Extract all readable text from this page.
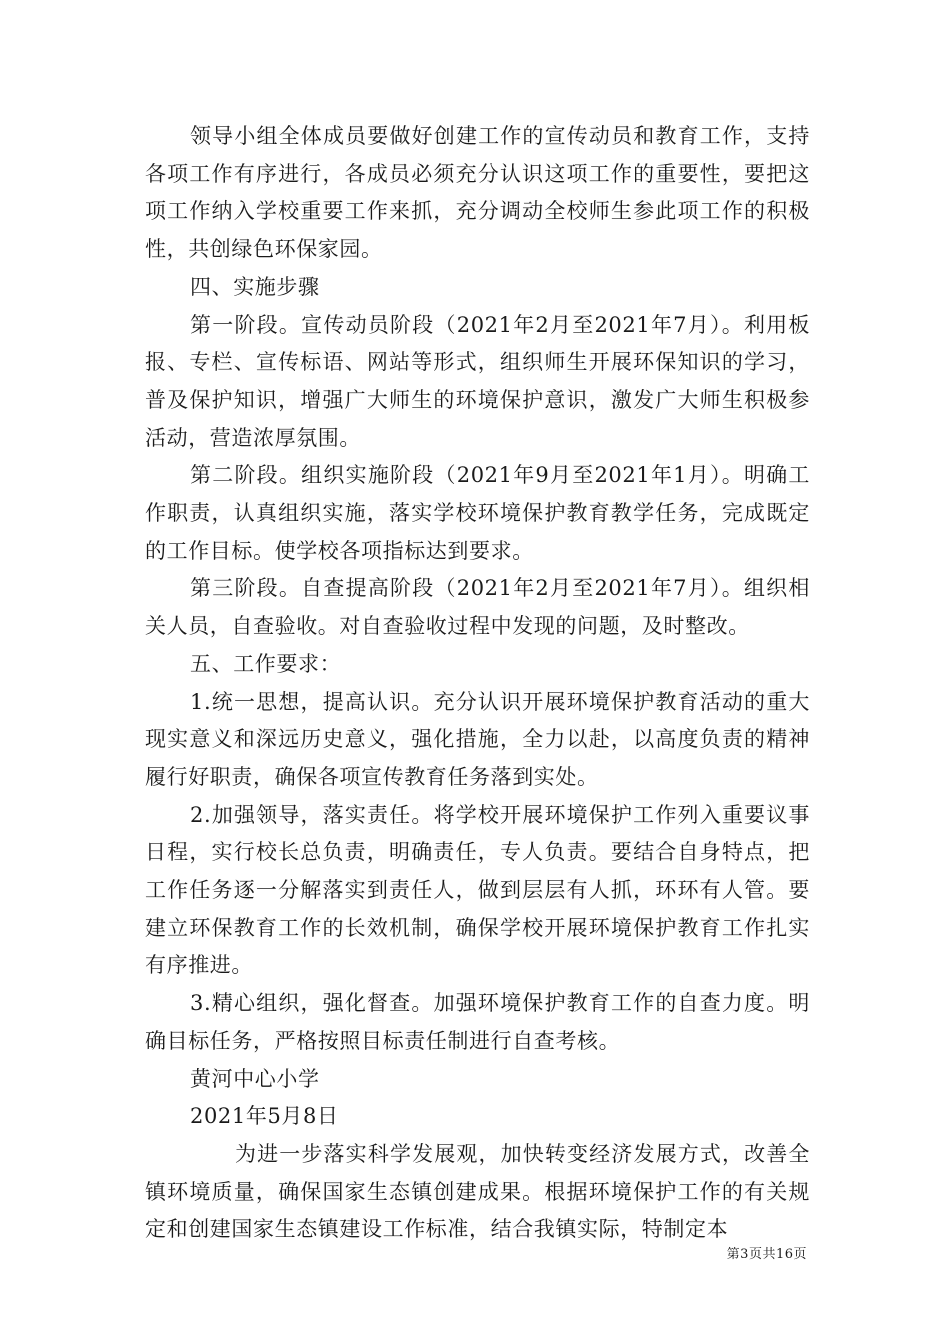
领导小组全体成员要做好创建工作的宣传动员和教育工作，支持各项工作有序进行，各成员必须充分认识这项工作的重要性，要把这项工作纳入学校重要工作来抓，充分调动全校师生参此项工作的积极性，共创绿色环保家园。

四、实施步骤

第一阶段。宣传动员阶段（2021年2月至2021年7月）。利用板报、专栏、宣传标语、网站等形式，组织师生开展环保知识的学习，普及保护知识，增强广大师生的环境保护意识，激发广大师生积极参活动，营造浓厚氛围。

第二阶段。组织实施阶段（2021年9月至2021年1月）。明确工作职责，认真组织实施，落实学校环境保护教育教学任务，完成既定的工作目标。使学校各项指标达到要求。

第三阶段。自查提高阶段（2021年2月至2021年7月）。组织相关人员，自查验收。对自查验收过程中发现的问题，及时整改。

五、工作要求：

1.统一思想，提高认识。充分认识开展环境保护教育活动的重大现实意义和深远历史意义，强化措施，全力以赴，以高度负责的精神履行好职责，确保各项宣传教育任务落到实处。

2.加强领导，落实责任。将学校开展环境保护工作列入重要议事日程，实行校长总负责，明确责任，专人负责。要结合自身特点，把工作任务逐一分解落实到责任人，做到层层有人抓，环环有人管。要建立环保教育工作的长效机制，确保学校开展环境保护教育工作扎实有序推进。

3.精心组织，强化督查。加强环境保护教育工作的自查力度。明确目标任务，严格按照目标责任制进行自查考核。

黄河中心小学

2021年5月8日

为进一步落实科学发展观，加快转变经济发展方式，改善全镇环境质量，确保国家生态镇创建成果。根据环境保护工作的有关规定和创建国家生态镇建设工作标准，结合我镇实际，特制定本

第3页共16页
